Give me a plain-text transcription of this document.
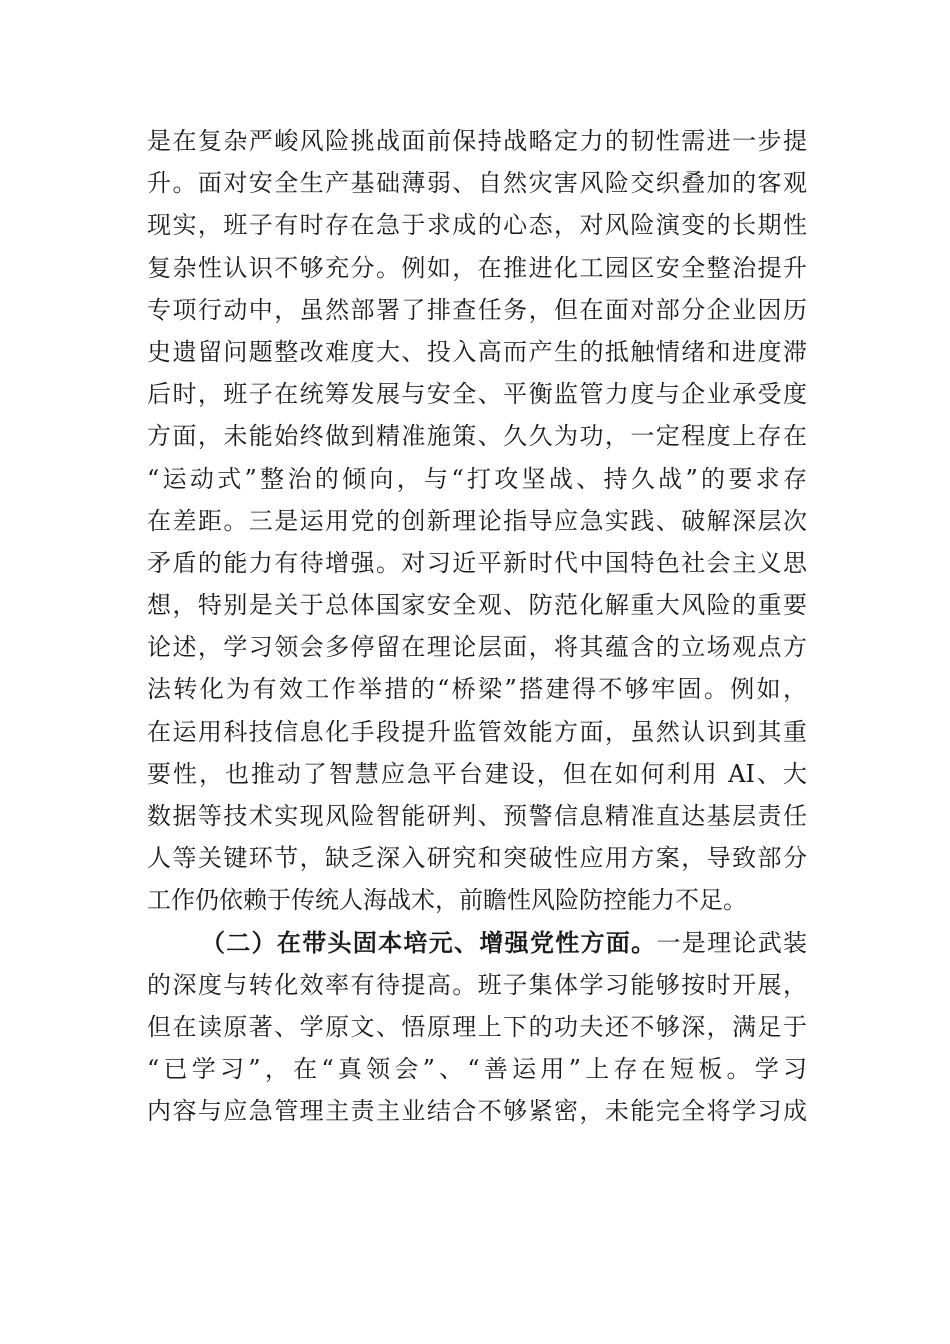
是在复杂严峻风险挑战面前保持战略定力的韧性需进一步提
升。面对安全生产基础薄弱、自然灾害风险交织叠加的客观
现实，班子有时存在急于求成的心态，对风险演变的长期性
复杂性认识不够充分。例如，在推进化工园区安全整治提升
专项行动中，虽然部署了排查任务，但在面对部分企业因历
史遗留问题整改难度大、投入高而产生的抵触情绪和进度滞
后时，班子在统筹发展与安全、平衡监管力度与企业承受度
方面，未能始终做到精准施策、久久为功，一定程度上存在
“运动式”整治的倾向，与“打攻坚战、持久战”的要求存
在差距。三是运用党的创新理论指导应急实践、破解深层次
矛盾的能力有待增强。对习近平新时代中国特色社会主义思
想，特别是关于总体国家安全观、防范化解重大风险的重要
论述，学习领会多停留在理论层面，将其蕴含的立场观点方
法转化为有效工作举措的“桥梁”搭建得不够牢固。例如，
在运用科技信息化手段提升监管效能方面，虽然认识到其重
要性，也推动了智慧应急平台建设，但在如何利用 AI、大
数据等技术实现风险智能研判、预警信息精准直达基层责任
人等关键环节，缺乏深入研究和突破性应用方案，导致部分
工作仍依赖于传统人海战术，前瞻性风险防控能力不足。
（二）在带头固本培元、增强党性方面。一是理论武装
的深度与转化效率有待提高。班子集体学习能够按时开展，
但在读原著、学原文、悟原理上下的功夫还不够深，满足于
“已学习”，在“真领会”、“善运用”上存在短板。学习
内容与应急管理主责主业结合不够紧密，未能完全将学习成
